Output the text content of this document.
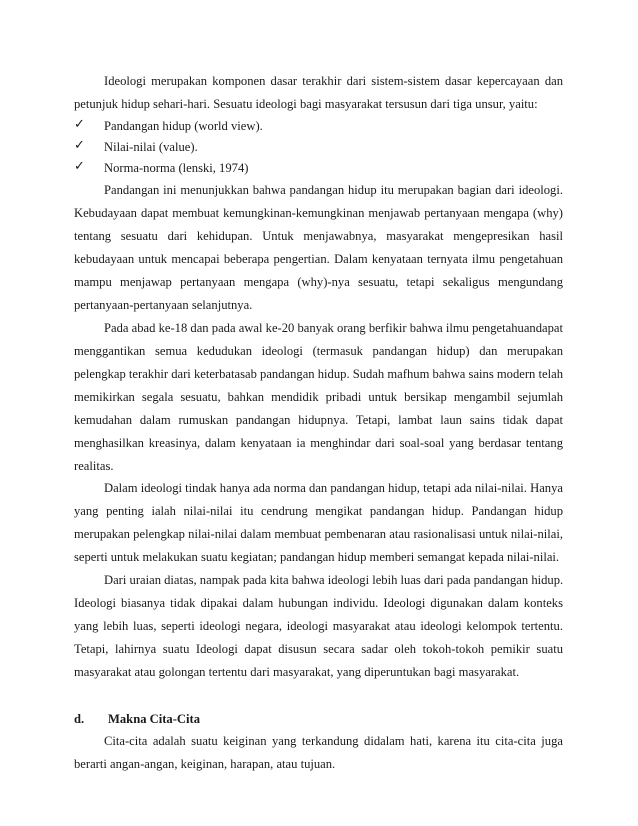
Ideologi merupakan komponen dasar terakhir dari sistem-sistem dasar kepercayaan dan
petunjuk hidup sehari-hari. Sesuatu ideologi bagi masyarakat tersusun dari tiga unsur, yaitu:
✓ Pandangan hidup (world view).
✓ Nilai-nilai (value).
✓ Norma-norma (lenski, 1974)
Pandangan ini menunjukkan bahwa pandangan hidup itu merupakan bagian dari ideologi.
Kebudayaan dapat membuat kemungkinan-kemungkinan menjawab pertanyaan mengapa (why)
tentang sesuatu dari kehidupan. Untuk menjawabnya, masyarakat mengepresikan hasil
kebudayaan untuk mencapai beberapa pengertian. Dalam kenyataan ternyata ilmu pengetahuan
mampu menjawap pertanyaan mengapa (why)-nya sesuatu, tetapi sekaligus mengundang
pertanyaan-pertanyaan selanjutnya.
Pada abad ke-18 dan pada awal ke-20 banyak orang berfikir bahwa ilmu pengetahuandapat
menggantikan semua kedudukan ideologi (termasuk pandangan hidup) dan merupakan
pelengkap terakhir dari keterbatasab pandangan hidup. Sudah mafhum bahwa sains modern telah
memikirkan segala sesuatu, bahkan mendidik pribadi untuk bersikap mengambil sejumlah
kemudahan dalam rumuskan pandangan hidupnya. Tetapi, lambat laun sains tidak dapat
menghasilkan kreasinya, dalam kenyataan ia menghindar dari soal-soal yang berdasar tentang
realitas.
Dalam ideologi tindak hanya ada norma dan pandangan hidup, tetapi ada nilai-nilai. Hanya
yang penting ialah nilai-nilai itu cendrung mengikat pandangan hidup. Pandangan hidup
merupakan pelengkap nilai-nilai dalam membuat pembenaran atau rasionalisasi untuk nilai-nilai,
seperti untuk melakukan suatu kegiatan; pandangan hidup memberi semangat kepada nilai-nilai.
Dari uraian diatas, nampak pada kita bahwa ideologi lebih luas dari pada pandangan hidup.
Ideologi biasanya tidak dipakai dalam hubungan individu. Ideologi digunakan dalam konteks
yang lebih luas, seperti ideologi negara, ideologi masyarakat atau ideologi kelompok tertentu.
Tetapi, lahirnya suatu Ideologi dapat disusun secara sadar oleh tokoh-tokoh pemikir suatu
masyarakat atau golongan tertentu dari masyarakat, yang diperuntukan bagi masyarakat.
d. Makna Cita-Cita
Cita-cita adalah suatu keiginan yang terkandung didalam hati, karena itu cita-cita juga
berarti angan-angan, keiginan, harapan, atau tujuan.
